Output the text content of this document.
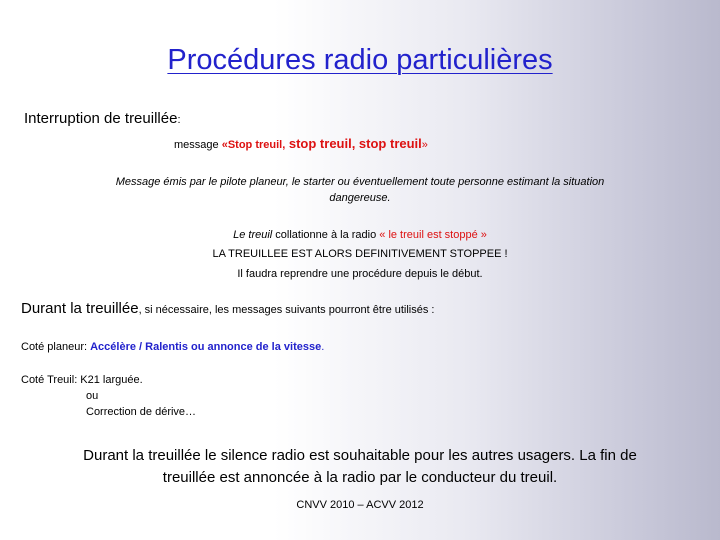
Procédures radio particulières
Interruption de treuillée:
message «Stop treuil, stop treuil, stop treuil»
Message émis par le pilote planeur, le starter ou éventuellement toute personne estimant la situation
dangereuse.
Le treuil collationne à la radio « le treuil est stoppé »
LA TREUILLEE EST ALORS DEFINITIVEMENT STOPPEE !
Il faudra reprendre une procédure depuis le début.
Durant la treuillée, si nécessaire, les messages suivants pourront être utilisés :
Coté planeur: Accélère / Ralentis ou annonce de la vitesse.
Coté Treuil: K21 larguée.
ou
Correction de dérive…
Durant la treuillée le silence radio est souhaitable pour les autres usagers. La fin de
treuillée est annoncée à la radio par le conducteur du treuil.
CNVV 2010 – ACVV 2012
